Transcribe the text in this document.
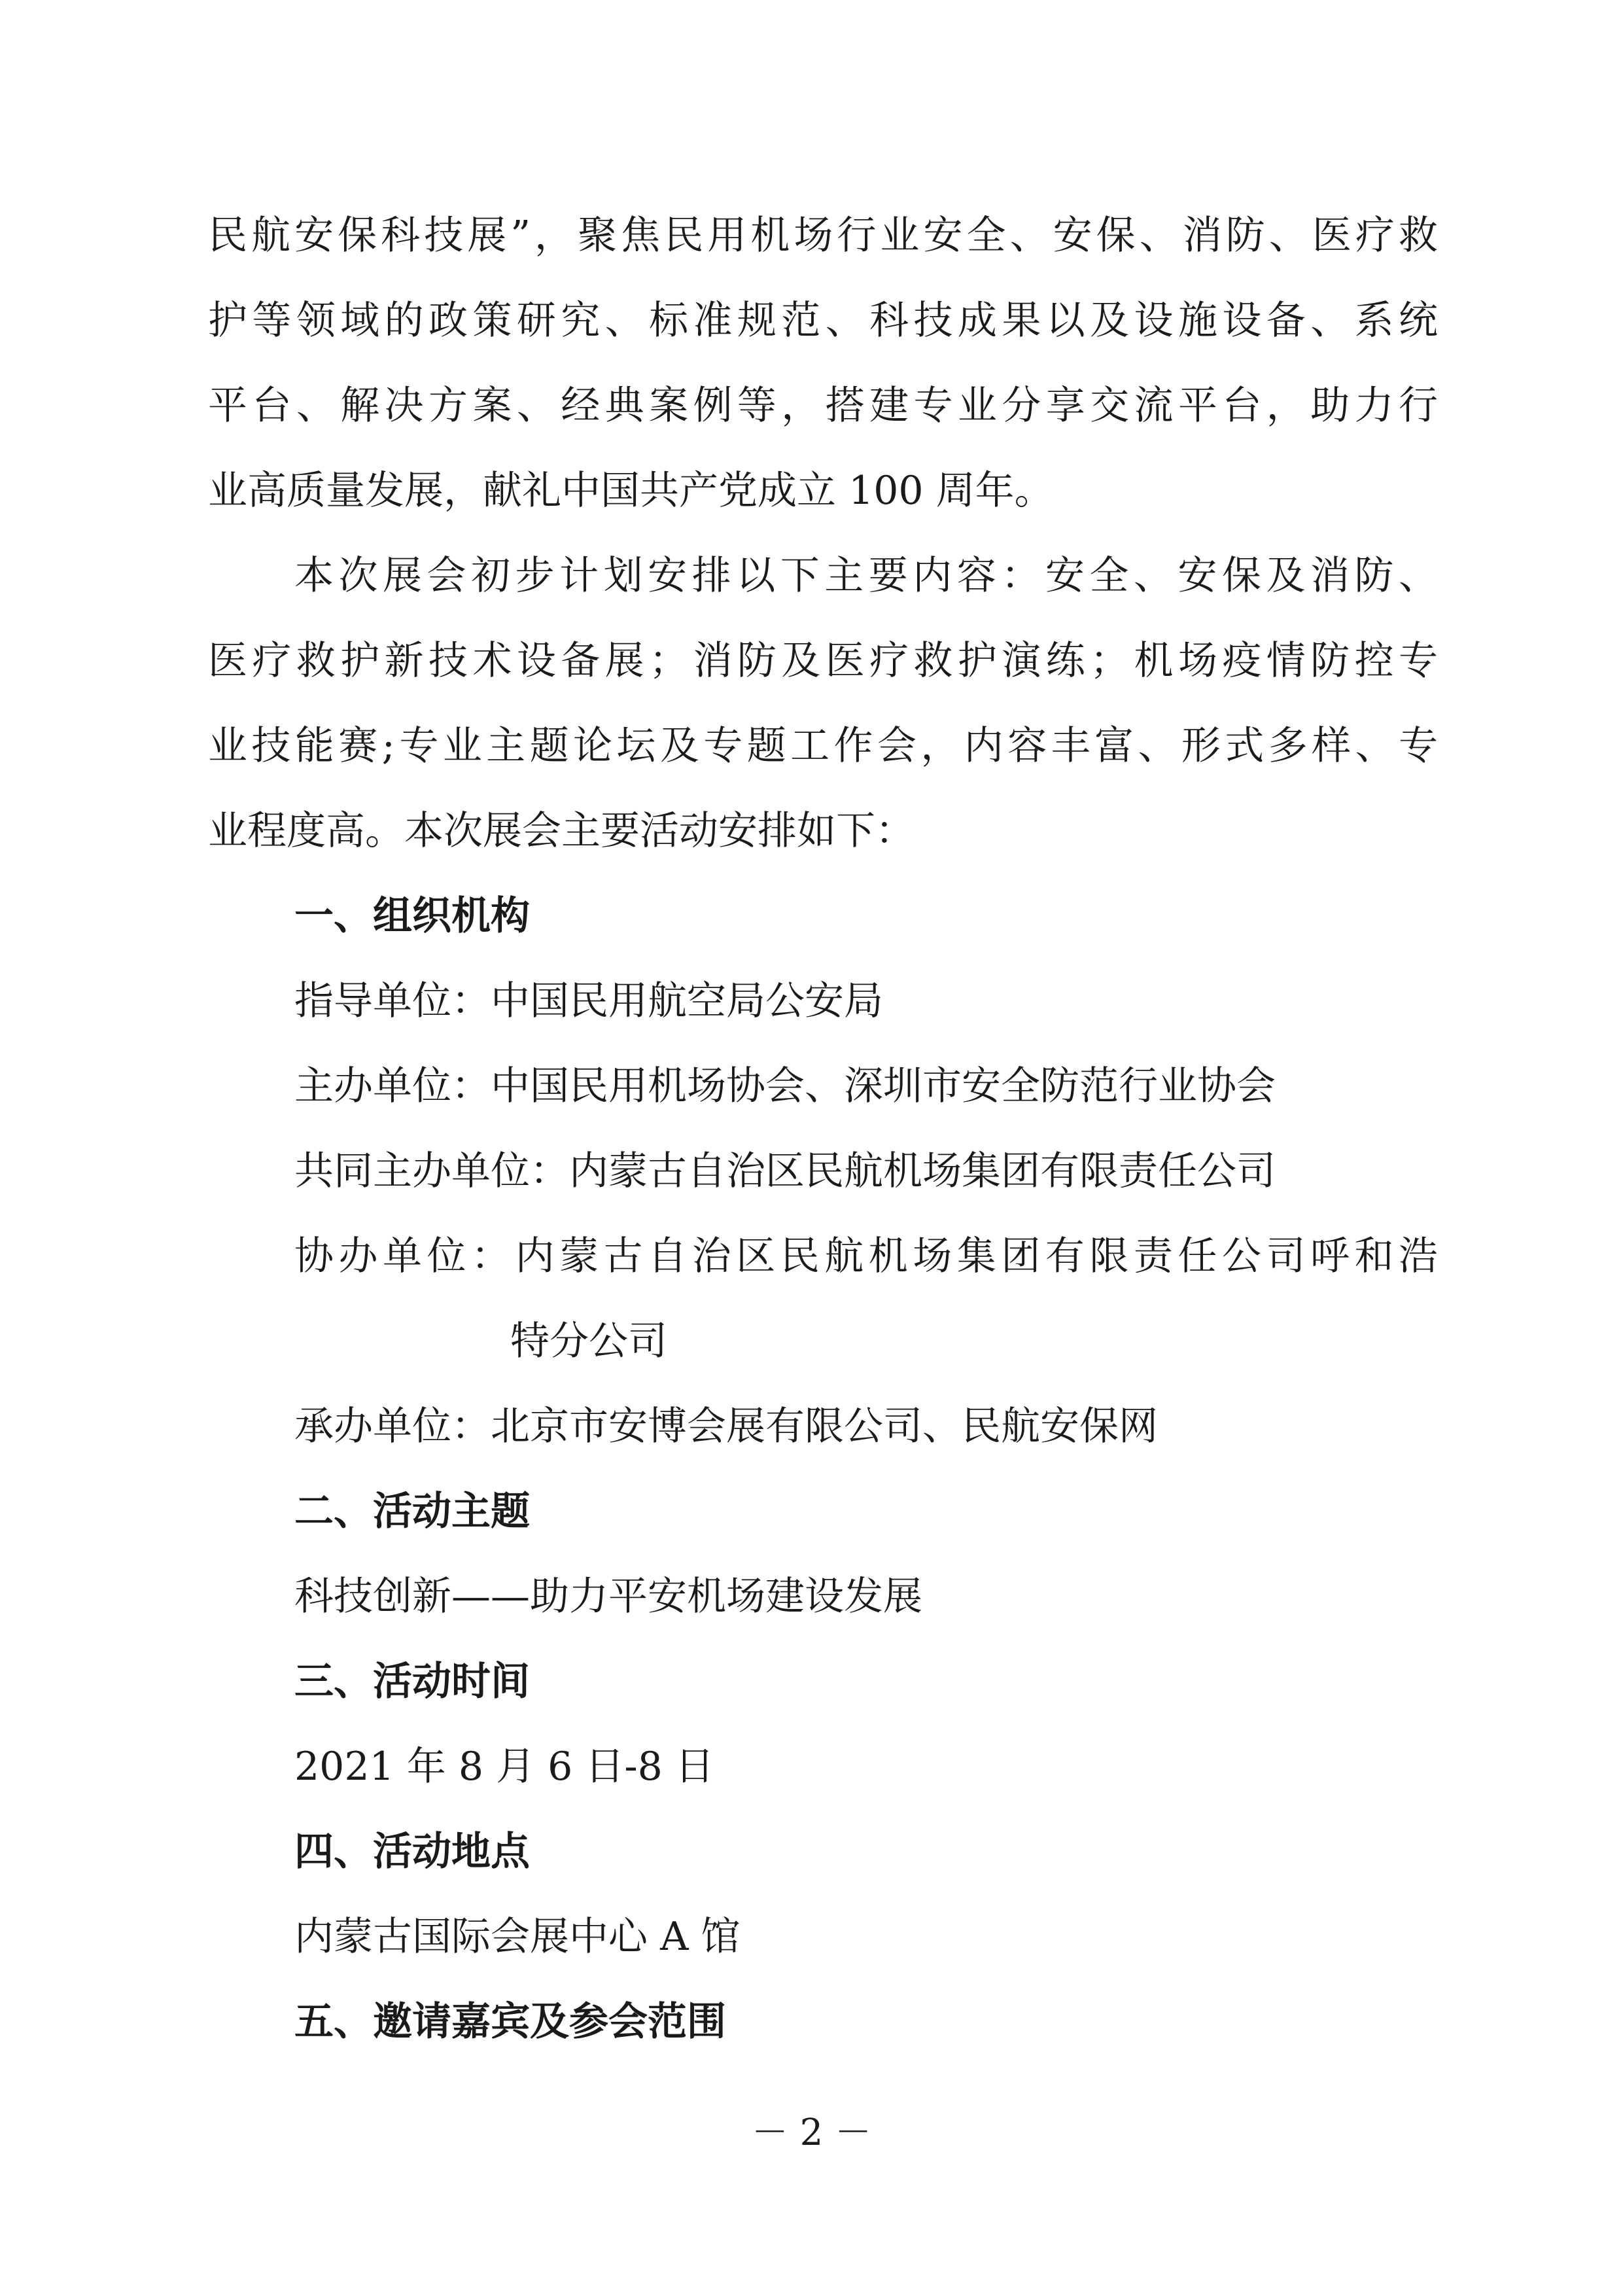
民航安保科技展”，聚焦民用机场行业安全、安保、消防、医疗救
护等领域的政策研究、标准规范、科技成果以及设施设备、系统
平台、解决方案、经典案例等，搭建专业分享交流平台，助力行
业高质量发展，献礼中国共产党成立 100 周年。
本次展会初步计划安排以下主要内容：安全、安保及消防、
医疗救护新技术设备展；消防及医疗救护演练；机场疫情防控专
业技能赛;专业主题论坛及专题工作会，内容丰富、形式多样、专
业程度高。本次展会主要活动安排如下：
一、组织机构
指导单位：中国民用航空局公安局
主办单位：中国民用机场协会、深圳市安全防范行业协会
共同主办单位：内蒙古自治区民航机场集团有限责任公司
协办单位：内蒙古自治区民航机场集团有限责任公司呼和浩
特分公司
承办单位：北京市安博会展有限公司、民航安保网
二、活动主题
科技创新——助力平安机场建设发展
三、活动时间
2021 年 8 月 6 日-8 日
四、活动地点
内蒙古国际会展中心 A 馆
五、邀请嘉宾及参会范围
－ 2 －
